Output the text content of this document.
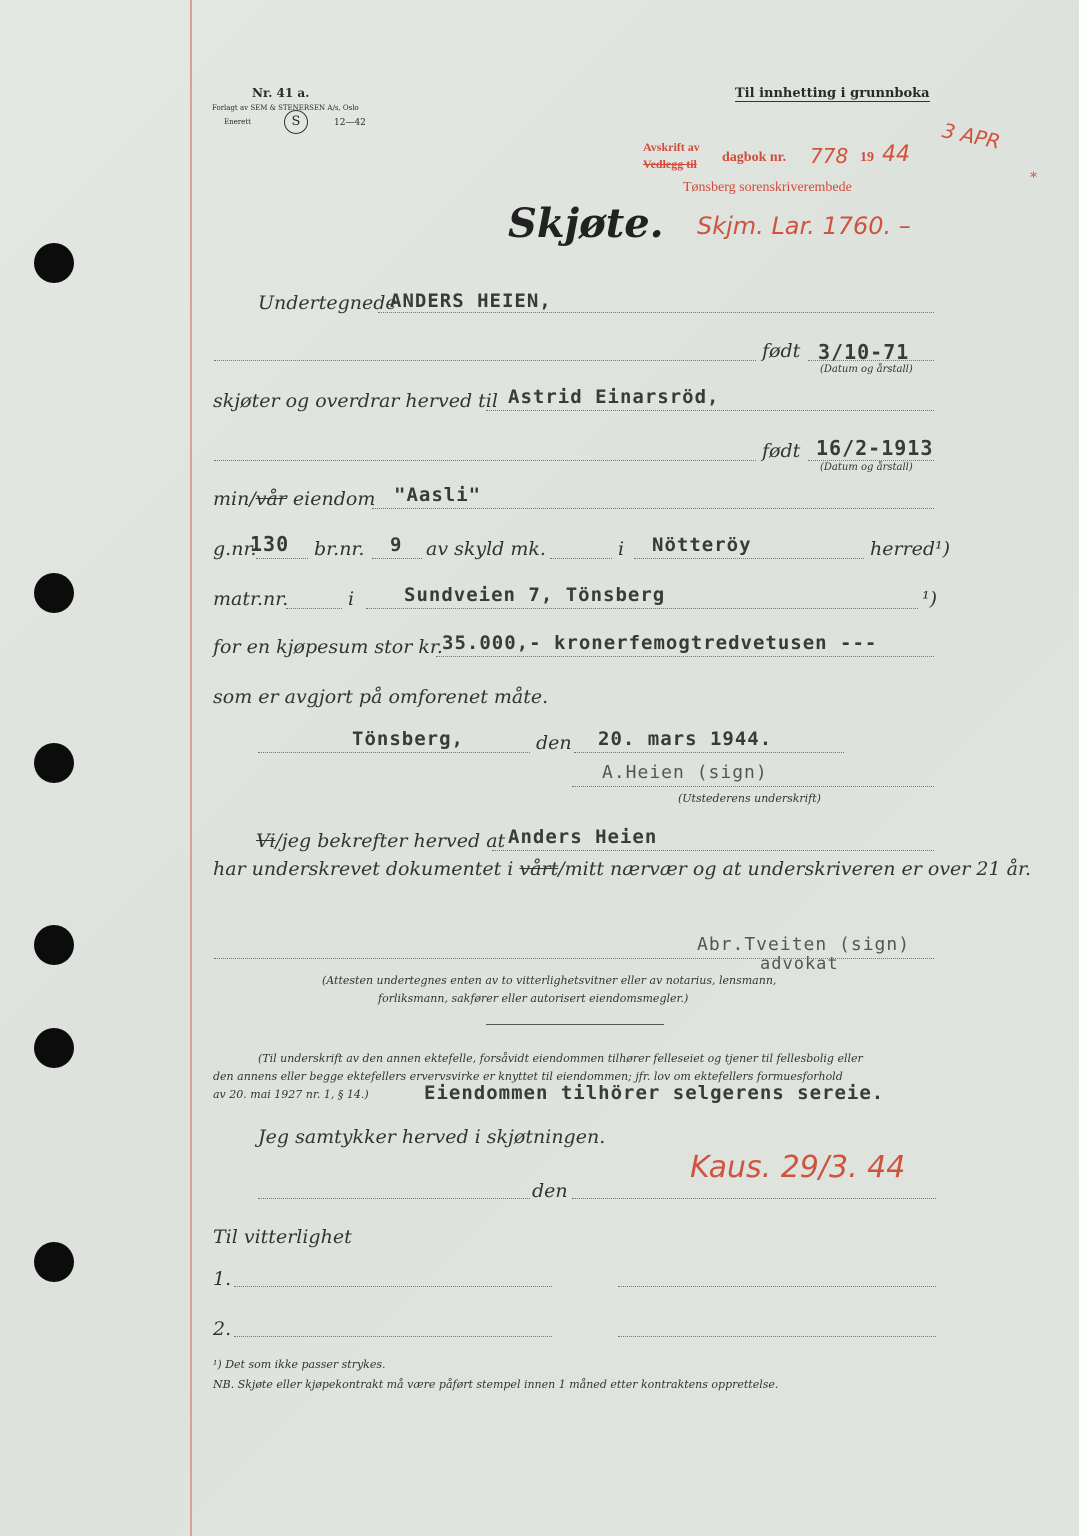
Nr. 41 a.
Forlagt av SEM & STENERSEN A/s, Oslo
Enerett	S	12—42
Til innhetting i grunnboka
Avskrift av
Vedlegg til dagbok nr. 778 19 44
3 APR
*
Tønsberg sorenskriverembede
Skjm. Lar. 1760. –
Skjøte.
Undertegnede
ANDERS HEIEN,
født 3/10-71
(Datum og årstall)
skjøter og overdrar herved til Astrid Einarsröd,
født 16/2-1913
(Datum og årstall)
min/vår eiendom "Aasli"
g.nr.
130 br.nr. 9 av skyld mk.	i Nötteröy	herred¹)
matr.nr.	i	Sundveien 7, Tönsberg	¹)
for en kjøpesum stor kr. 35.000,- kronerfemogtredvetusen ---
som er avgjort på omforenet måte.
Tönsberg,	den 20. mars 1944.
A.Heien (sign)
(Utstederens underskrift)
Vi/jeg bekrefter herved at Anders Heien
har underskrevet dokumentet i vårt/mitt nærvær og at underskriveren er over 21 år.
Abr.Tveiten (sign)
advokat
(Attesten undertegnes enten av to vitterlighetsvitner eller av notarius, lensmann,
forliksmann, sakfører eller autorisert eiendomsmegler.)
(Til underskrift av den annen ektefelle, forsåvidt eiendommen tilhører felleseiet og tjener til fellesbolig eller
den annens eller begge ektefellers ervervsvirke er knyttet til eiendommen; jfr. lov om ektefellers formuesforhold
av 20. mai 1927 nr. 1, § 14.)	Eiendommen tilhörer selgerens sereie.
Jeg samtykker herved i skjøtningen.
Kaus. 29/3. 44
den
Til vitterlighet
1.
2.
¹) Det som ikke passer strykes.
NB. Skjøte eller kjøpekontrakt må være påført stempel innen 1 måned etter kontraktens opprettelse.
